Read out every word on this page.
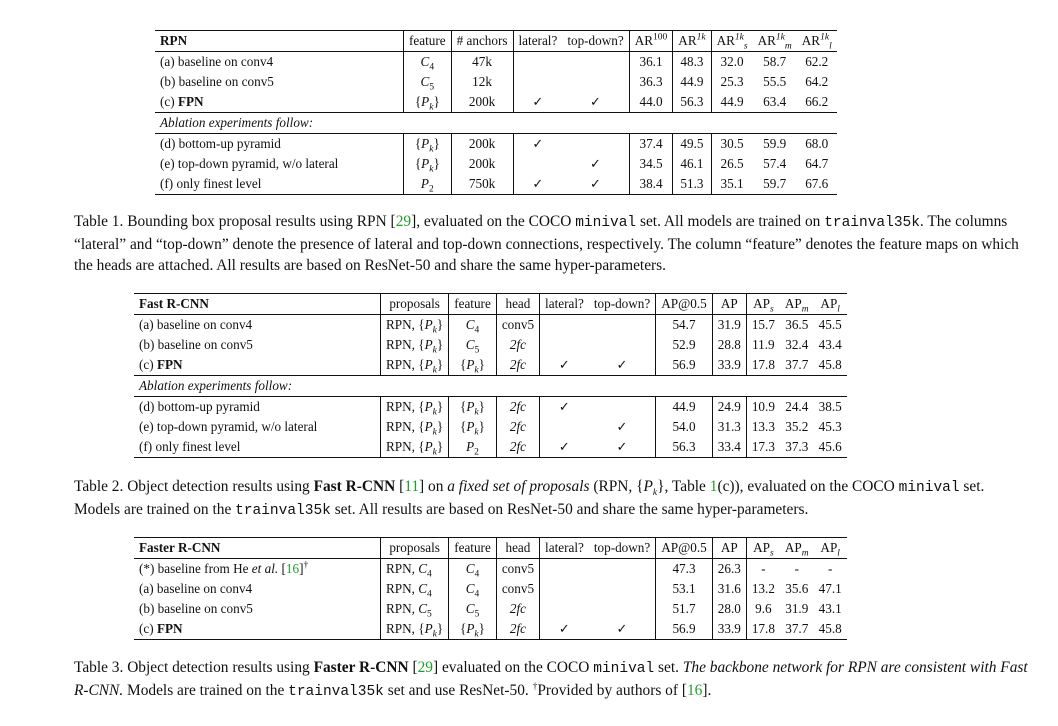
RPN	feature	# anchors	lateral?	top-down?	AR$^{100}$	$AR^{1k}$	$AR^{1k}_s$	$AR^{1k}_m$	$AR^{1k}_l$
(a) baseline on conv4	$C_4$	47k			36.1	48.3	32.0	58.7	62.2
(b) baseline on conv5	$C_5$	12k			36.3	44.9	25.3	55.5	64.2
(c) FPN	$\{P_k\}$	200k	✓	✓	44.0	56.3	44.9	63.4	66.2
Ablation experiments follow:									
(d) bottom-up pyramid	$\{P_k\}$	200k	✓		37.4	49.5	30.5	59.9	68.0
(e) top-down pyramid, w/o lateral	$\{P_k\}$	200k		✓	34.5	46.1	26.5	57.4	64.7
(f) only finest level	$P_2$	750k	✓	✓	38.4	51.3	35.1	59.7	67.6
Table 1. Bounding box proposal results using RPN [29], evaluated on the COCO minival set. All models are trained on trainval35k. The columns “lateral” and “top-down” denote the presence of lateral and top-down connections, respectively. The column “feature” denotes the feature maps on which the heads are attached. All results are based on ResNet-50 and share the same hyper-parameters.
Fast R-CNN	proposals	feature	head	lateral?	top-down?	AP@0.5	AP	$AP_s$	$AP_m$	$AP_l$
(a) baseline on conv4	RPN, $\{P_k\}$	$C_4$	conv5			54.7	31.9	15.7	36.5	45.5
(b) baseline on conv5	RPN, $\{P_k\}$	$C_5$	2fc			52.9	28.8	11.9	32.4	43.4
(c) FPN	RPN, $\{P_k\}$	$\{P_k\}$	2fc	✓	✓	56.9	33.9	17.8	37.7	45.8
Ablation experiments follow:										
(d) bottom-up pyramid	RPN, $\{P_k\}$	$\{P_k\}$	2fc	✓		44.9	24.9	10.9	24.4	38.5
(e) top-down pyramid, w/o lateral	RPN, $\{P_k\}$	$\{P_k\}$	2fc		✓	54.0	31.3	13.3	35.2	45.3
(f) only finest level	RPN, $\{P_k\}$	$P_2$	2fc	✓	✓	56.3	33.4	17.3	37.3	45.6
Table 2. Object detection results using Fast R-CNN [11] on a fixed set of proposals (RPN, $\{P_k\}$, Table 1(c)), evaluated on the COCO minival set. Models are trained on the trainval35k set. All results are based on ResNet-50 and share the same hyper-parameters.
Faster R-CNN	proposals	feature	head	lateral?	top-down?	AP@0.5	AP	$AP_s$	$AP_m$	$AP_l$
(*) baseline from He et al. [16]†	RPN, $C_4$	$C_4$	conv5			47.3	26.3	-	-	-
(a) baseline on conv4	RPN, $C_4$	$C_4$	conv5			53.1	31.6	13.2	35.6	47.1
(b) baseline on conv5	RPN, $C_5$	$C_5$	2fc			51.7	28.0	9.6	31.9	43.1
(c) FPN	RPN, $\{P_k\}$	$\{P_k\}$	2fc	✓	✓	56.9	33.9	17.8	37.7	45.8
Table 3. Object detection results using Faster R-CNN [29] evaluated on the COCO minival set. The backbone network for RPN are consistent with Fast R-CNN. Models are trained on the trainval35k set and use ResNet-50. †Provided by authors of [16].
